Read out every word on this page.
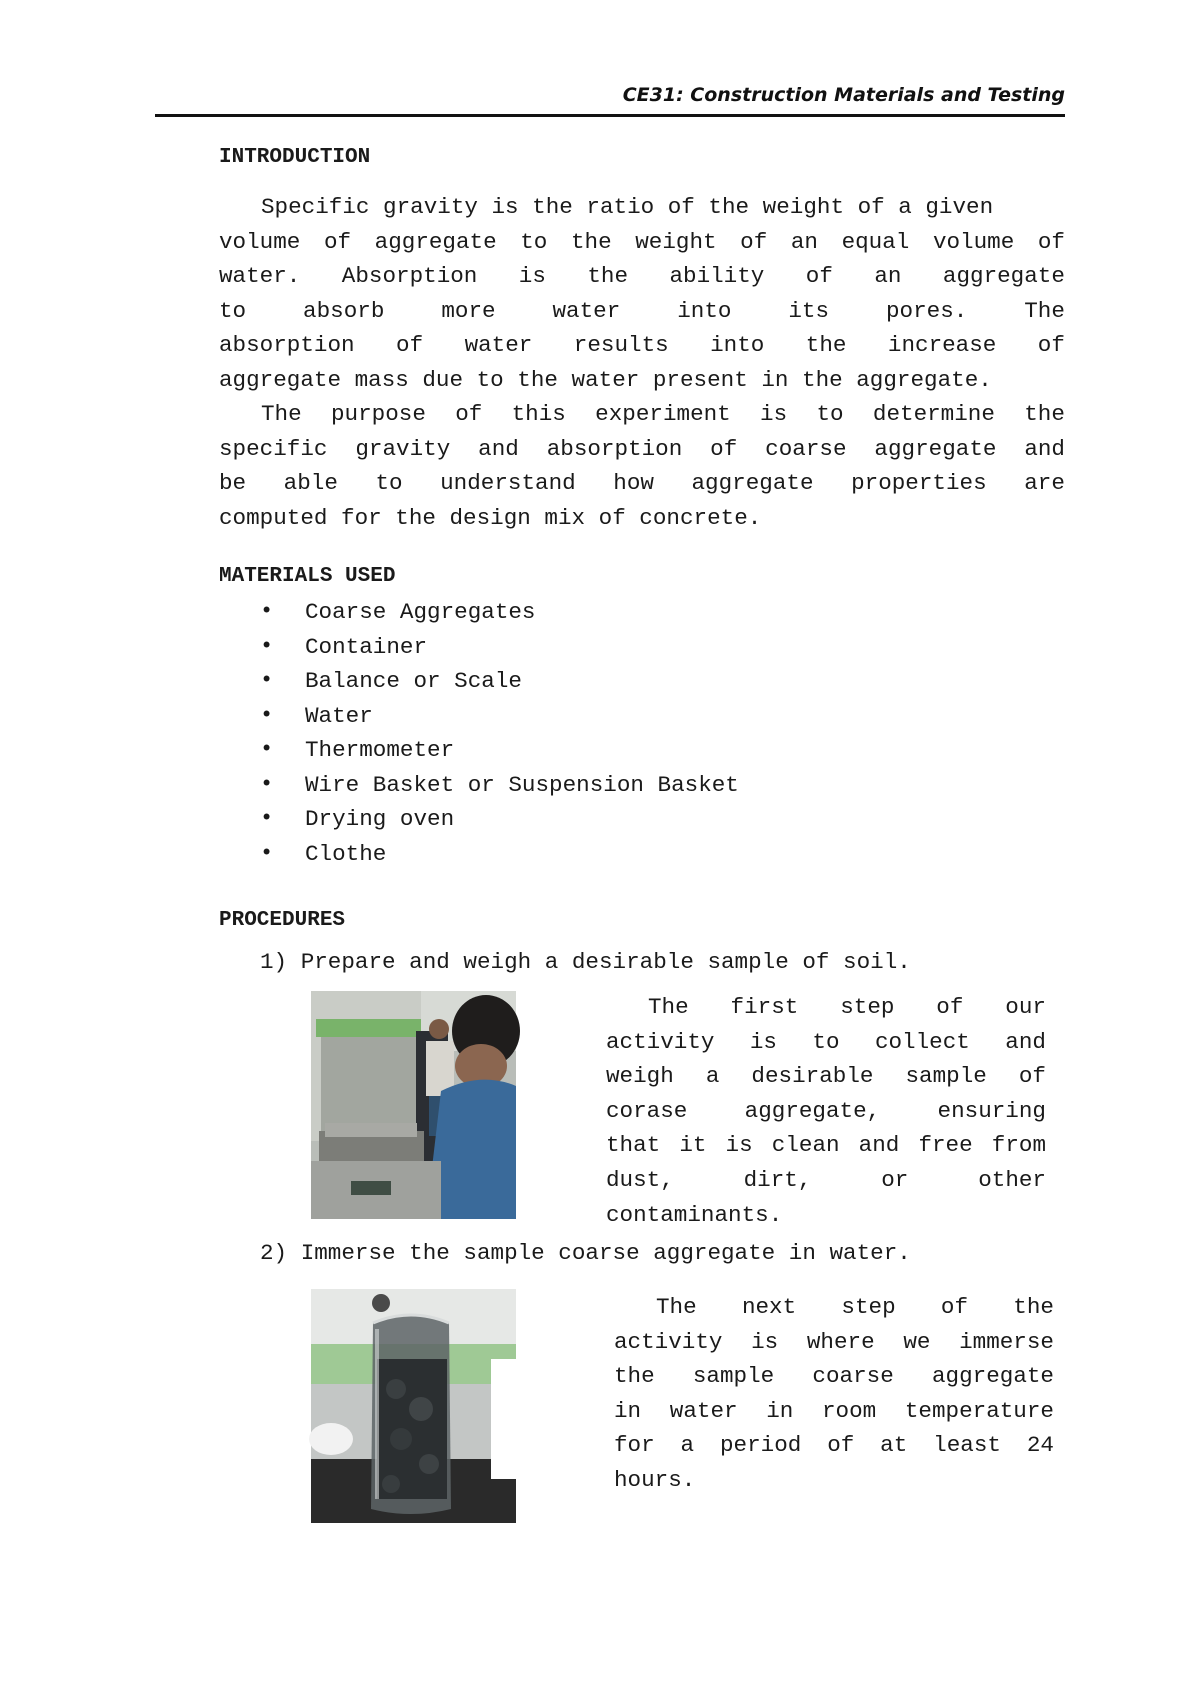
CE31: Construction Materials and Testing
INTRODUCTION
Specific gravity is the ratio of the weight of a given
volume of aggregate to the weight of an equal volume of
water. Absorption is the ability of an aggregate
to	absorb	more	water	into	its	pores.	The
absorption of water results into the increase of
aggregate mass due to the water present in the aggregate.
The purpose of this experiment is to determine the
specific gravity and absorption of coarse aggregate and
be able to understand how aggregate properties are
computed for the design mix of concrete.
MATERIALS USED
• Coarse Aggregates
• Container
• Balance or Scale
• Water
• Thermometer
• Wire Basket or Suspension Basket
• Drying oven
• Clothe
PROCEDURES
1) Prepare and weigh a desirable sample of soil.
The first step of our
activity is to collect and
weigh a desirable sample of
corase	aggregate,	ensuring
that it is clean and free from
dust,	dirt,	or	other
contaminants.
2) Immerse the sample coarse aggregate in water.
The next step of the
activity is where we immerse
the sample coarse aggregate
in water in room temperature
for a period of at least 24
hours.
